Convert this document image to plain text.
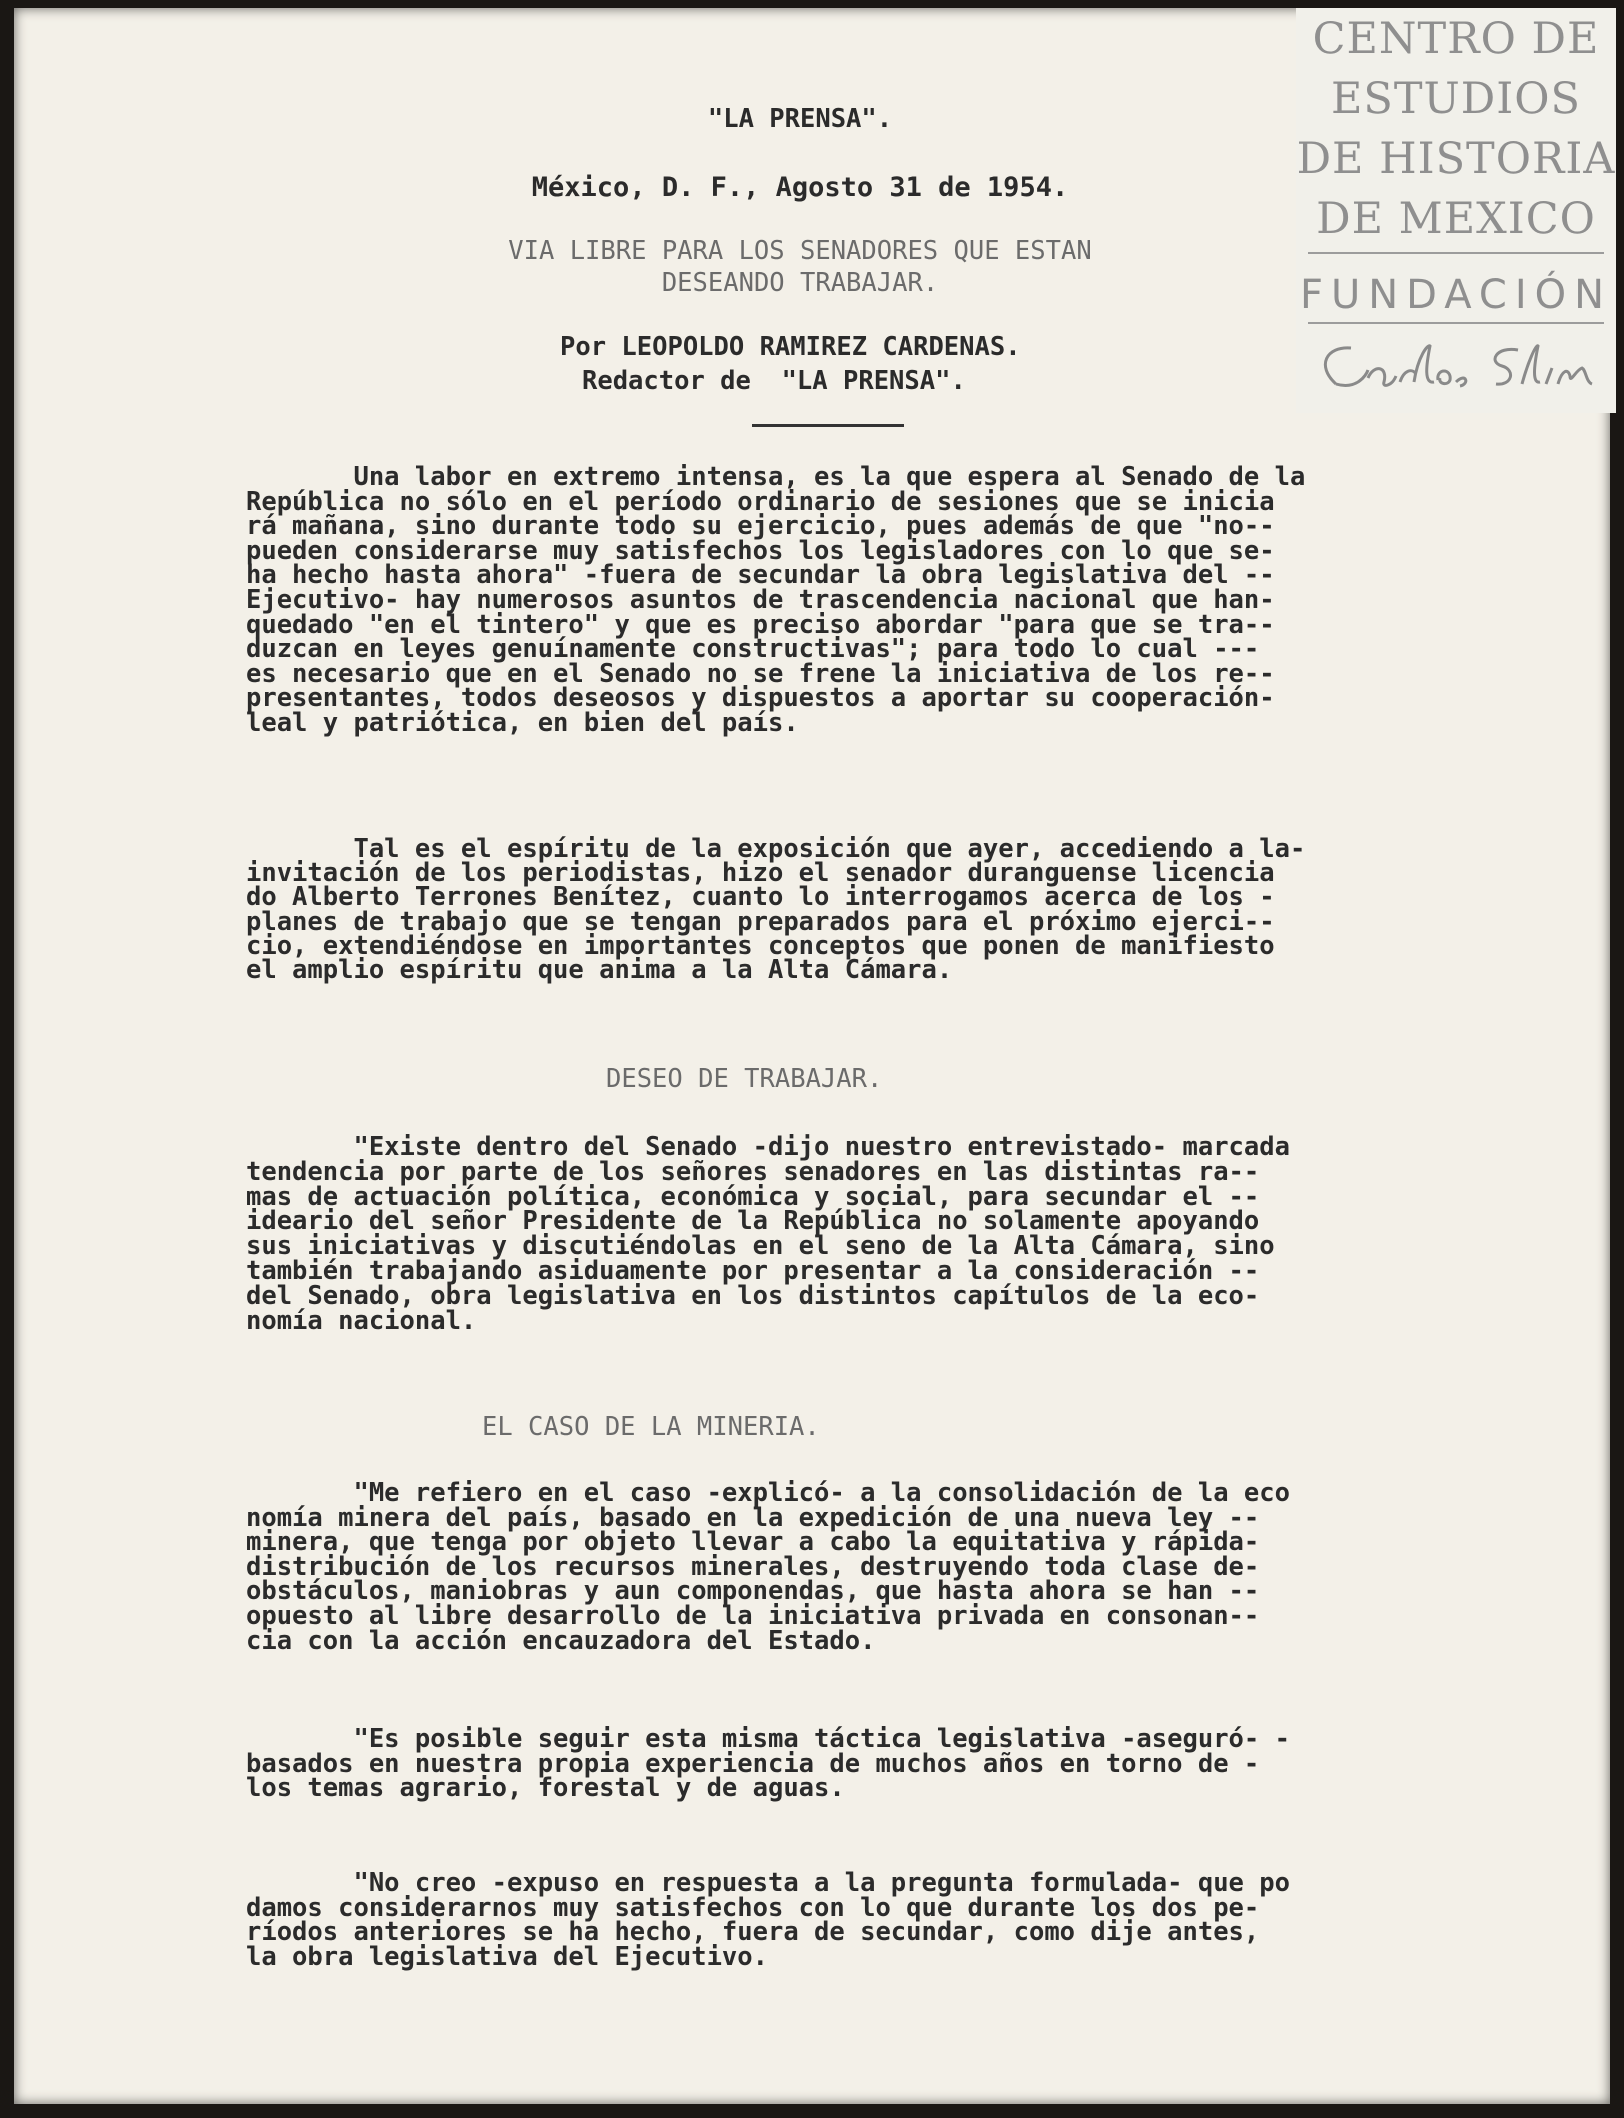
CENTRO DE
ESTUDIOS
DE HISTORIA
DE MEXICO
FUNDACIÓN
"LA PRENSA".
México, D. F., Agosto 31 de 1954.
VIA LIBRE PARA LOS SENADORES QUE ESTAN
DESEANDO TRABAJAR.
Por LEOPOLDO RAMIREZ CARDENAS.
Redactor de  "LA PRENSA".
Una labor en extremo intensa, es la que espera al Senado de la
República no sólo en el período ordinario de sesiones que se inicia
rá mañana, sino durante todo su ejercicio, pues además de que "no--
pueden considerarse muy satisfechos los legisladores con lo que se-
ha hecho hasta ahora" -fuera de secundar la obra legislativa del --
Ejecutivo- hay numerosos asuntos de trascendencia nacional que han-
quedado "en el tintero" y que es preciso abordar "para que se tra--
duzcan en leyes genuínamente constructivas"; para todo lo cual ---
es necesario que en el Senado no se frene la iniciativa de los re--
presentantes, todos deseosos y dispuestos a aportar su cooperación-
leal y patriótica, en bien del país.
Tal es el espíritu de la exposición que ayer, accediendo a la-
invitación de los periodistas, hizo el senador duranguense licencia
do Alberto Terrones Benítez, cuanto lo interrogamos acerca de los -
planes de trabajo que se tengan preparados para el próximo ejerci--
cio, extendiéndose en importantes conceptos que ponen de manifiesto
el amplio espíritu que anima a la Alta Cámara.
DESEO DE TRABAJAR.
"Existe dentro del Senado -dijo nuestro entrevistado- marcada
tendencia por parte de los señores senadores en las distintas ra--
mas de actuación política, económica y social, para secundar el --
ideario del señor Presidente de la República no solamente apoyando
sus iniciativas y discutiéndolas en el seno de la Alta Cámara, sino
también trabajando asiduamente por presentar a la consideración --
del Senado, obra legislativa en los distintos capítulos de la eco-
nomía nacional.
EL CASO DE LA MINERIA.
"Me refiero en el caso -explicó- a la consolidación de la eco
nomía minera del país, basado en la expedición de una nueva ley --
minera, que tenga por objeto llevar a cabo la equitativa y rápida-
distribución de los recursos minerales, destruyendo toda clase de-
obstáculos, maniobras y aun componendas, que hasta ahora se han --
opuesto al libre desarrollo de la iniciativa privada en consonan--
cia con la acción encauzadora del Estado.
"Es posible seguir esta misma táctica legislativa -aseguró- -
basados en nuestra propia experiencia de muchos años en torno de -
los temas agrario, forestal y de aguas.
"No creo -expuso en respuesta a la pregunta formulada- que po
damos considerarnos muy satisfechos con lo que durante los dos pe-
ríodos anteriores se ha hecho, fuera de secundar, como dije antes,
la obra legislativa del Ejecutivo.
